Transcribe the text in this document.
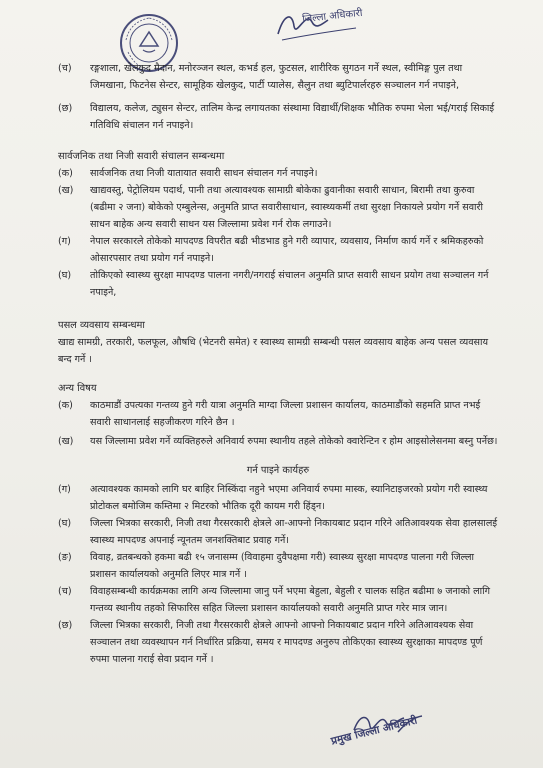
जिल्ला अधिकारी

(च) रङ्गशाला, खेलकुद मैदान, मनोरञ्जन स्थल, कभर्ड हल, फुटसल, शारीरिक सुगठन गर्ने स्थल, स्वीमिङ्ग पुल तथा जिमखाना, फिटनेस सेन्टर, सामूहिक खेलकुद, पार्टी प्यालेस, सैलुन तथा ब्युटिपार्लरहरु सञ्चालन गर्न नपाइने,

(छ) विद्यालय, कलेज, ट्युसन सेन्टर, तालिम केन्द्र लगायतका संस्थामा विद्यार्थी/शिक्षक भौतिक रुपमा भेला भई/गराई सिकाई गतिविधि संचालन गर्न नपाइने।

सार्वजनिक तथा निजी सवारी संचालन सम्बन्धमा

(क) सार्वजनिक तथा निजी यातायात सवारी साधन संचालन गर्न नपाइने।

(ख) खाद्यवस्तु, पेट्रोलियम पदार्थ, पानी तथा अत्यावश्यक सामाग्री बोकेका ढुवानीका सवारी साधान, बिरामी तथा कुरुवा (बढीमा २ जना) बोकेको एम्बुलेन्स, अनुमति प्राप्त सवारीसाधान, स्वास्थ्यकर्मी तथा सुरक्षा निकायले प्रयोग गर्ने सवारी साधन बाहेक अन्य सवारी साधन यस जिल्लामा प्रवेश गर्न रोक लगाउने।

(ग) नेपाल सरकारले तोकेको मापदण्ड विपरीत बढी भीडभाड हुने गरी व्यापार, व्यवसाय, निर्माण कार्य गर्ने र श्रमिकहरुको ओसारपसार तथा प्रयोग गर्न नपाइने।

(घ) तोकिएको स्वास्थ्य सुरक्षा मापदण्ड पालना नगरी/नगराई संचालन अनुमति प्राप्त सवारी साधन प्रयोग तथा सञ्चालन गर्न नपाइने,

पसल व्यवसाय सम्बन्धमा

खाद्य सामग्री, तरकारी, फलफूल, औषधि (भेटनरी समेत) र स्वास्थ्य सामग्री सम्बन्धी पसल व्यवसाय बाहेक अन्य पसल व्यवसाय बन्द गर्ने ।

अन्य विषय

(क) काठमाडौं उपत्यका गन्तव्य हुने गरी यात्रा अनुमति माग्दा जिल्ला प्रशासन कार्यालय, काठमाडौंको सहमति प्राप्त नभई सवारी साधानलाई सहजीकरण गरिने छैन ।

(ख) यस जिल्लामा प्रवेश गर्ने व्यक्तिहरुले अनिवार्य रुपमा स्थानीय तहले तोकेको क्वारेन्टिन र होम आइसोलेसनमा बस्नु पर्नेछ।

गर्न पाइने कार्यहरु

(ग) अत्यावश्यक कामको लागि घर बाहिर निस्किंदा नहुने भएमा अनिवार्य रुपमा मास्क, स्यानिटाइजरको प्रयोग गरी स्वास्थ्य प्रोटोकल बमोजिम कम्तिमा २ मिटरको भौतिक दूरी कायम गरी हिंड्न।

(घ) जिल्ला भित्रका सरकारी, निजी तथा गैरसरकारी क्षेत्रले आ-आफ्नो निकायबाट प्रदान गरिने अतिआवश्यक सेवा हालसालई स्वास्थ्य मापदण्ड अपनाई न्यूनतम जनशक्तिबाट प्रवाह गर्ने।

(ङ) विवाह, व्रतबन्धको हकमा बढी १५ जनासम्म (विवाहमा दुवैपक्षमा गरी) स्वास्थ्य सुरक्षा मापदण्ड पालना गरी जिल्ला प्रशासन कार्यालयको अनुमति लिएर मात्र गर्ने ।

(च) विवाहसम्बन्धी कार्यक्रमका लागि अन्य जिल्लामा जानु पर्ने भएमा बेहुला, बेहुली र चालक सहित बढीमा ७ जनाको लागि गन्तव्य स्थानीय तहको सिफारिस सहित जिल्ला प्रशासन कार्यालयको सवारी अनुमति प्राप्त गरेर मात्र जान।

(छ) जिल्ला भित्रका सरकारी, निजी तथा गैरसरकारी क्षेत्रले आफ्नो आफ्नो निकायबाट प्रदान गरिने अतिआवश्यक सेवा सञ्चालन तथा व्यवस्थापन गर्न निर्धारित प्रक्रिया, समय र मापदण्ड अनुरुप तोकिएका स्वास्थ्य सुरक्षाका मापदण्ड पूर्ण रुपमा पालना गराई सेवा प्रदान गर्ने ।

प्रमुख जिल्ला अधिकारी
